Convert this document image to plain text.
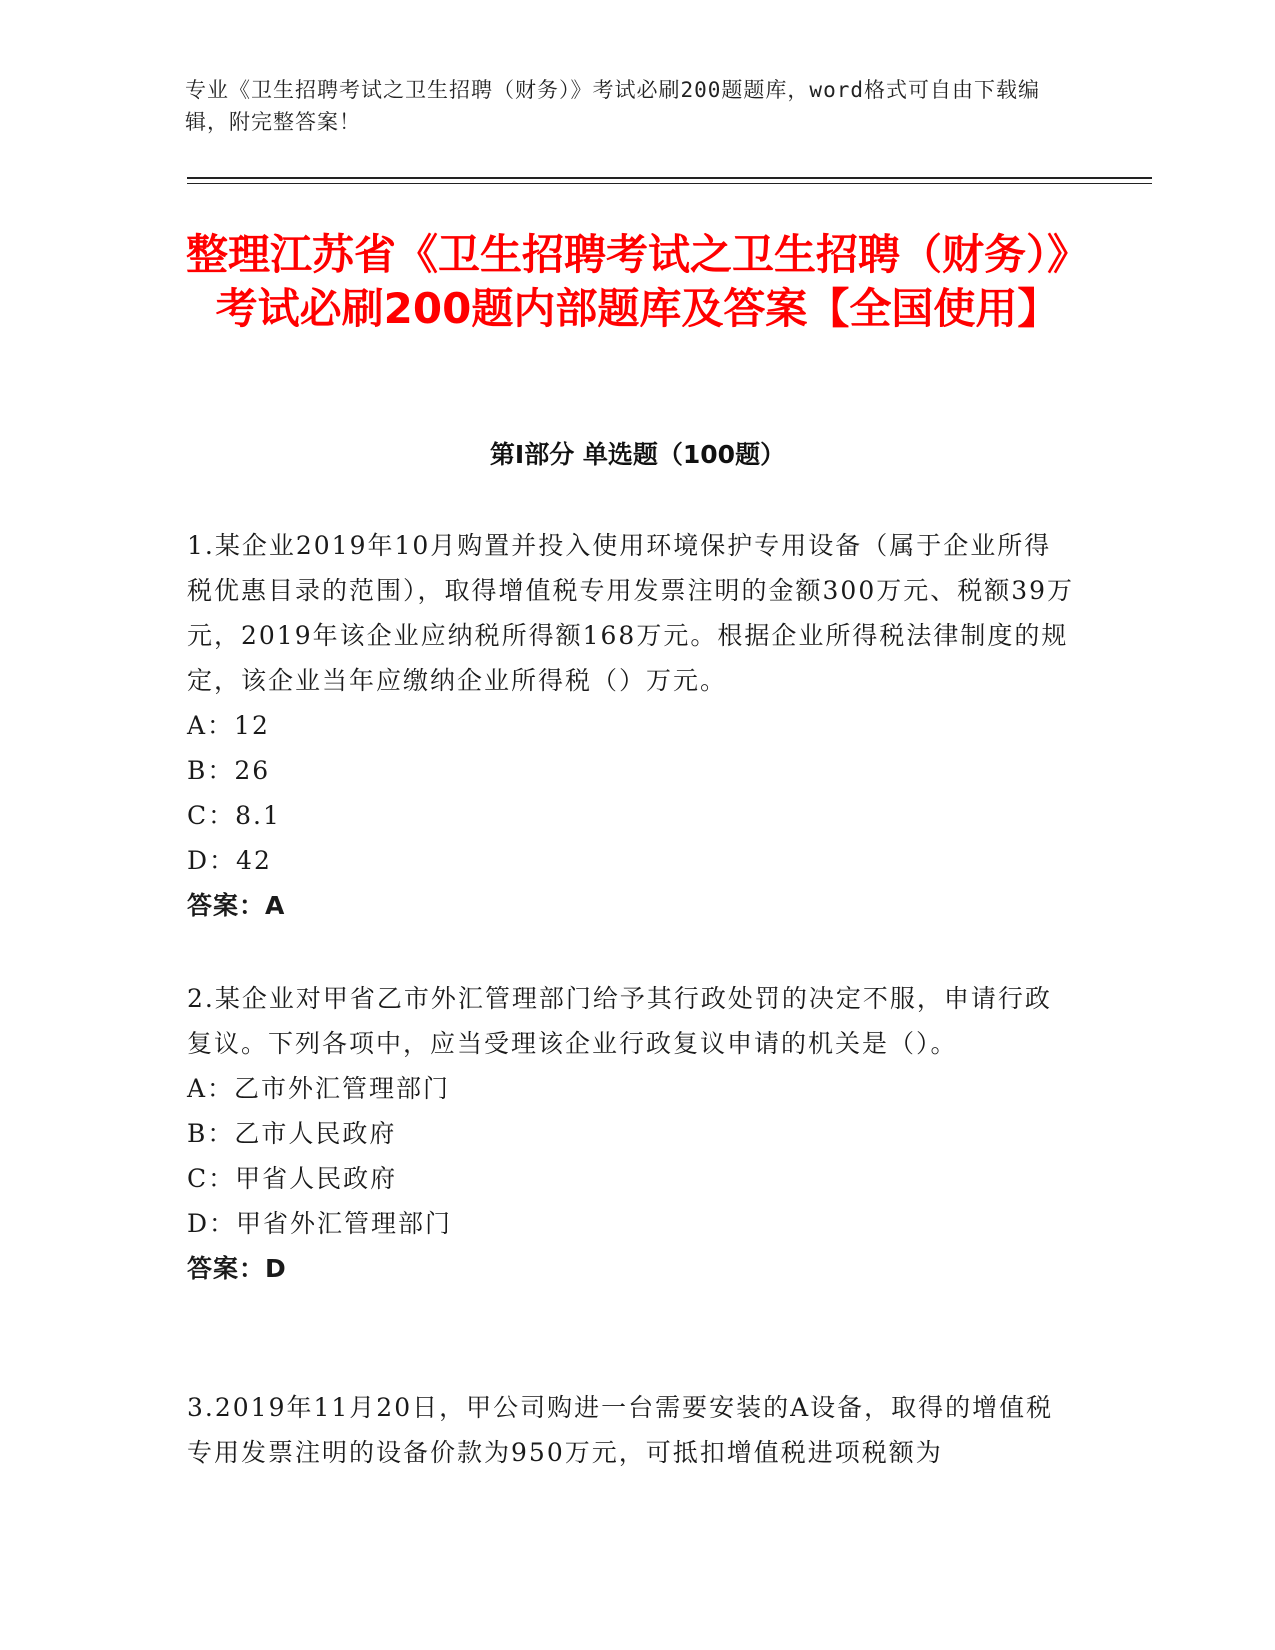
专业《卫生招聘考试之卫生招聘（财务）》考试必刷200题题库，word格式可自由下载编辑，附完整答案！
整理江苏省《卫生招聘考试之卫生招聘（财务）》考试必刷200题内部题库及答案【全国使用】
第I部分 单选题（100题）

1.某企业2019年10月购置并投入使用环境保护专用设备（属于企业所得税优惠目录的范围），取得增值税专用发票注明的金额300万元、税额39万元，2019年该企业应纳税所得额168万元。根据企业所得税法律制度的规定，该企业当年应缴纳企业所得税（）万元。

A：12

B：26

C：8.1

D：42

答案：A

2.某企业对甲省乙市外汇管理部门给予其行政处罚的决定不服，申请行政复议。下列各项中，应当受理该企业行政复议申请的机关是（）。

A：乙市外汇管理部门

B：乙市人民政府

C：甲省人民政府

D：甲省外汇管理部门

答案：D

3.2019年11月20日，甲公司购进一台需要安装的A设备，取得的增值税专用发票注明的设备价款为950万元，可抵扣增值税进项税额为
